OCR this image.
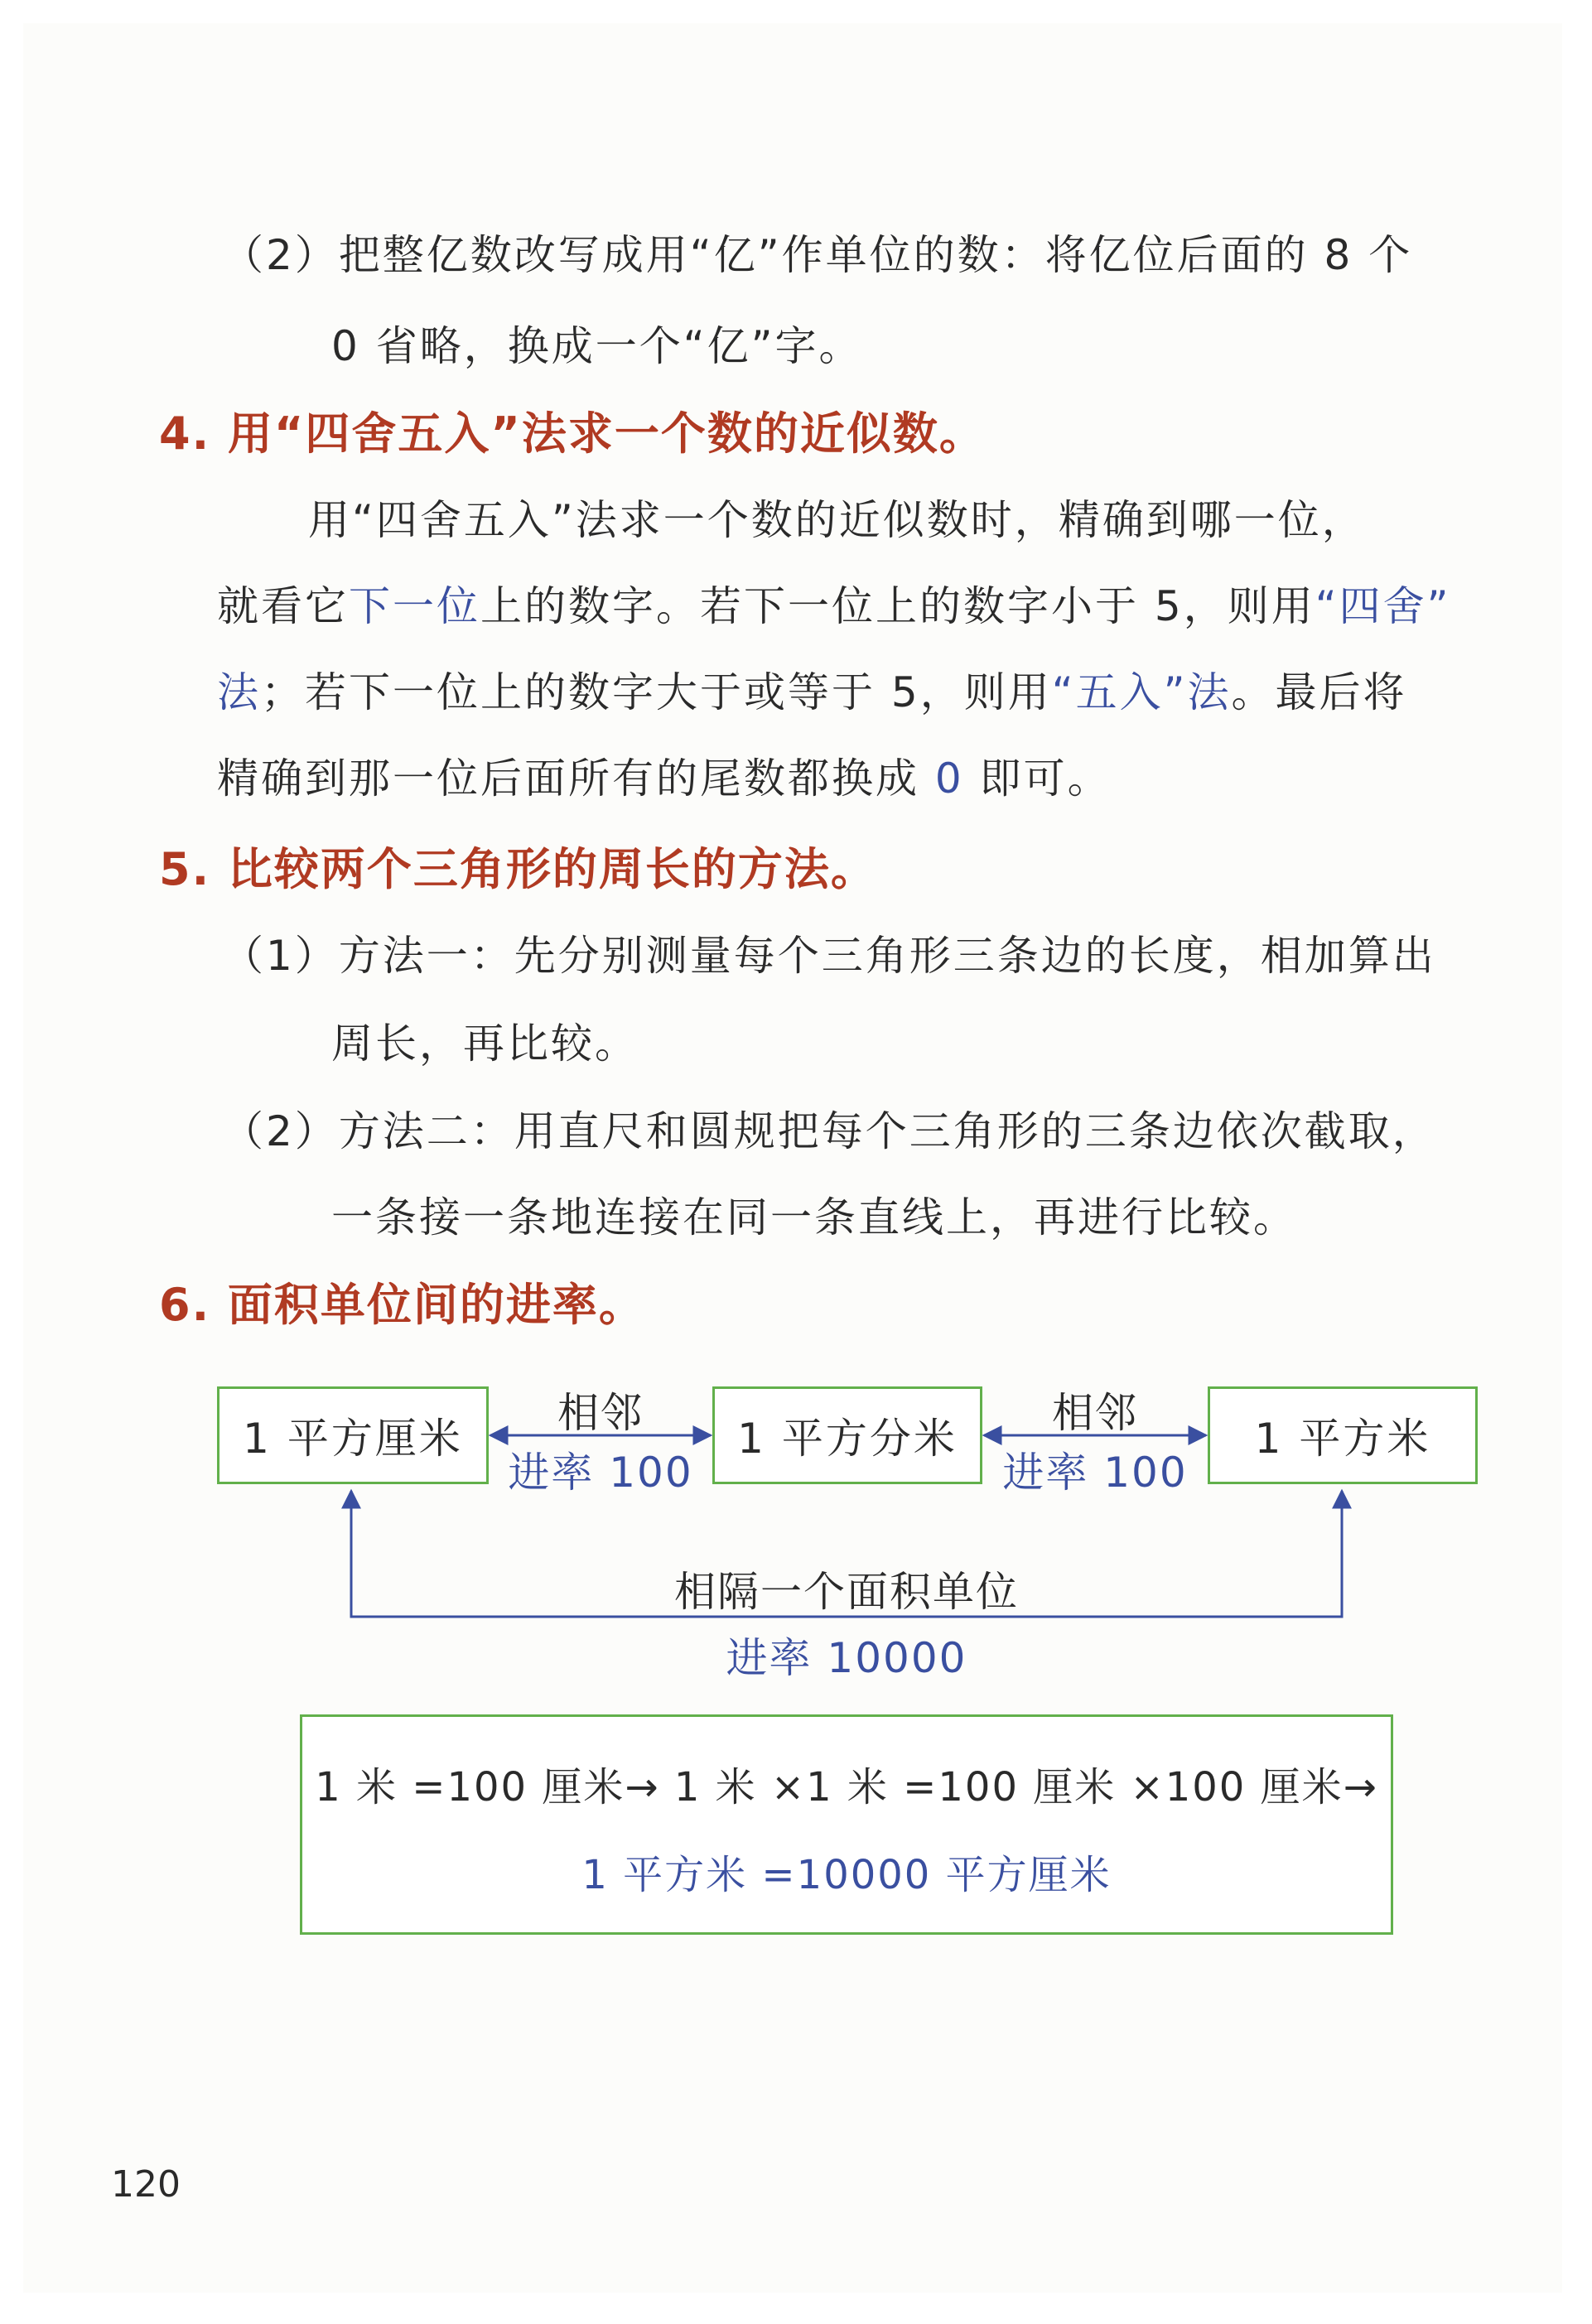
（2）把整亿数改写成用“亿”作单位的数：将亿位后面的 8 个
0 省略，换成一个“亿”字。
4. 用“四舍五入”法求一个数的近似数。
用“四舍五入”法求一个数的近似数时，精确到哪一位，
就看它下一位上的数字。若下一位上的数字小于 5，则用“四舍”
法；若下一位上的数字大于或等于 5，则用“五入”法。最后将
精确到那一位后面所有的尾数都换成 0 即可。
5. 比较两个三角形的周长的方法。
（1）方法一：先分别测量每个三角形三条边的长度，相加算出
周长，再比较。
（2）方法二：用直尺和圆规把每个三角形的三条边依次截取，
一条接一条地连接在同一条直线上，再进行比较。
6. 面积单位间的进率。
1 平方厘米	1 平方分米	1 平方米
相邻
进率 100
相邻
进率 100
相隔一个面积单位
进率 10000
1 米 =100 厘米→ 1 米 ×1 米 =100 厘米 ×100 厘米→
1 平方米 =10000 平方厘米
120
